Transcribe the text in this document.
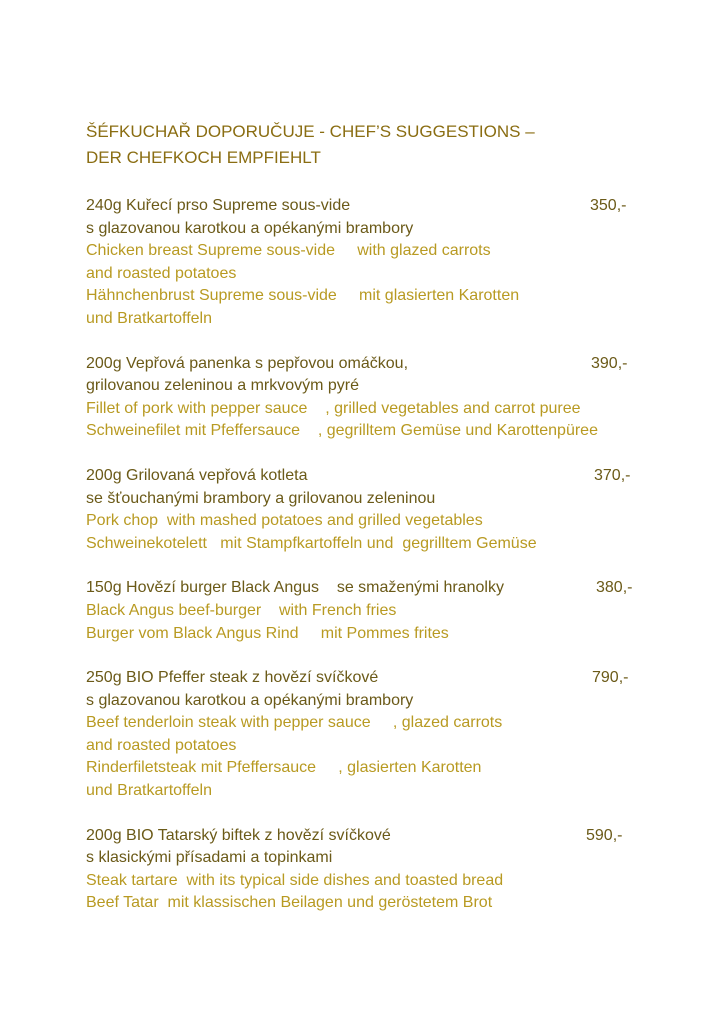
ŠÉFKUCHAŘ DOPORUČUJE - CHEF’S SUGGESTIONS –
DER CHEFKOCH EMPFIEHLT
240g Kuřecí prso Supreme sous-vide	350,-
s glazovanou karotkou a opékanými brambory
Chicken breast Supreme sous-vide     with glazed carrots
and roasted potatoes
Hähnchenbrust Supreme sous-vide     mit glasierten Karotten
und Bratkartoffeln
200g Vepřová panenka s pepřovou omáčkou,	390,-
grilovanou zeleninou a mrkvovým pyré
Fillet of pork with pepper sauce    , grilled vegetables and carrot puree
Schweinefilet mit Pfeffersauce    , gegrilltem Gemüse und Karottenpüree
200g Grilovaná vepřová kotleta	370,-
se šťouchanými brambory a grilovanou zeleninou
Pork chop  with mashed potatoes and grilled vegetables
Schweinekotelett   mit Stampfkartoffeln und  gegrilltem Gemüse
150g Hovězí burger Black Angus    se smaženými hranolky	380,-
Black Angus beef-burger    with French fries
Burger vom Black Angus Rind     mit Pommes frites
250g BIO Pfeffer steak z hovězí svíčkové	790,-
s glazovanou karotkou a opékanými brambory
Beef tenderloin steak with pepper sauce     , glazed carrots
and roasted potatoes
Rinderfiletsteak mit Pfeffersauce     , glasierten Karotten
und Bratkartoffeln
200g BIO Tatarský biftek z hovězí svíčkové	590,-
s klasickými přísadami a topinkami
Steak tartare  with its typical side dishes and toasted bread
Beef Tatar  mit klassischen Beilagen und geröstetem Brot
